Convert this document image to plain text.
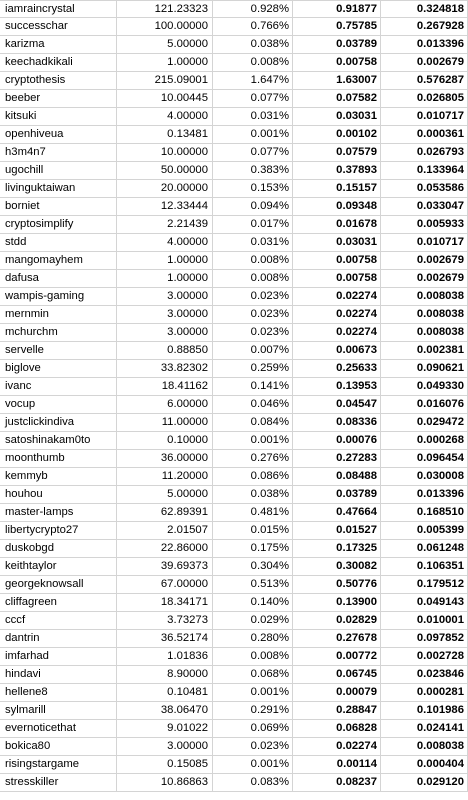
iamraincrystal	121.23323	0.928%	0.91877	0.324818
successchar	100.00000	0.766%	0.75785	0.267928
karizma	5.00000	0.038%	0.03789	0.013396
keechadkikali	1.00000	0.008%	0.00758	0.002679
cryptothesis	215.09001	1.647%	1.63007	0.576287
beeber	10.00445	0.077%	0.07582	0.026805
kitsuki	4.00000	0.031%	0.03031	0.010717
openhiveua	0.13481	0.001%	0.00102	0.000361
h3m4n7	10.00000	0.077%	0.07579	0.026793
ugochill	50.00000	0.383%	0.37893	0.133964
livinguktaiwan	20.00000	0.153%	0.15157	0.053586
borniet	12.33444	0.094%	0.09348	0.033047
cryptosimplify	2.21439	0.017%	0.01678	0.005933
stdd	4.00000	0.031%	0.03031	0.010717
mangomayhem	1.00000	0.008%	0.00758	0.002679
dafusa	1.00000	0.008%	0.00758	0.002679
wampis-gaming	3.00000	0.023%	0.02274	0.008038
mernmin	3.00000	0.023%	0.02274	0.008038
mchurchm	3.00000	0.023%	0.02274	0.008038
servelle	0.88850	0.007%	0.00673	0.002381
biglove	33.82302	0.259%	0.25633	0.090621
ivanc	18.41162	0.141%	0.13953	0.049330
vocup	6.00000	0.046%	0.04547	0.016076
justclickindiva	11.00000	0.084%	0.08336	0.029472
satoshinakam0to	0.10000	0.001%	0.00076	0.000268
moonthumb	36.00000	0.276%	0.27283	0.096454
kemmyb	11.20000	0.086%	0.08488	0.030008
houhou	5.00000	0.038%	0.03789	0.013396
master-lamps	62.89391	0.481%	0.47664	0.168510
libertycrypto27	2.01507	0.015%	0.01527	0.005399
duskobgd	22.86000	0.175%	0.17325	0.061248
keithtaylor	39.69373	0.304%	0.30082	0.106351
georgeknowsall	67.00000	0.513%	0.50776	0.179512
cliffagreen	18.34171	0.140%	0.13900	0.049143
cccf	3.73273	0.029%	0.02829	0.010001
dantrin	36.52174	0.280%	0.27678	0.097852
imfarhad	1.01836	0.008%	0.00772	0.002728
hindavi	8.90000	0.068%	0.06745	0.023846
hellene8	0.10481	0.001%	0.00079	0.000281
sylmarill	38.06470	0.291%	0.28847	0.101986
evernoticethat	9.01022	0.069%	0.06828	0.024141
bokica80	3.00000	0.023%	0.02274	0.008038
risingstargame	0.15085	0.001%	0.00114	0.000404
stresskiller	10.86863	0.083%	0.08237	0.029120
